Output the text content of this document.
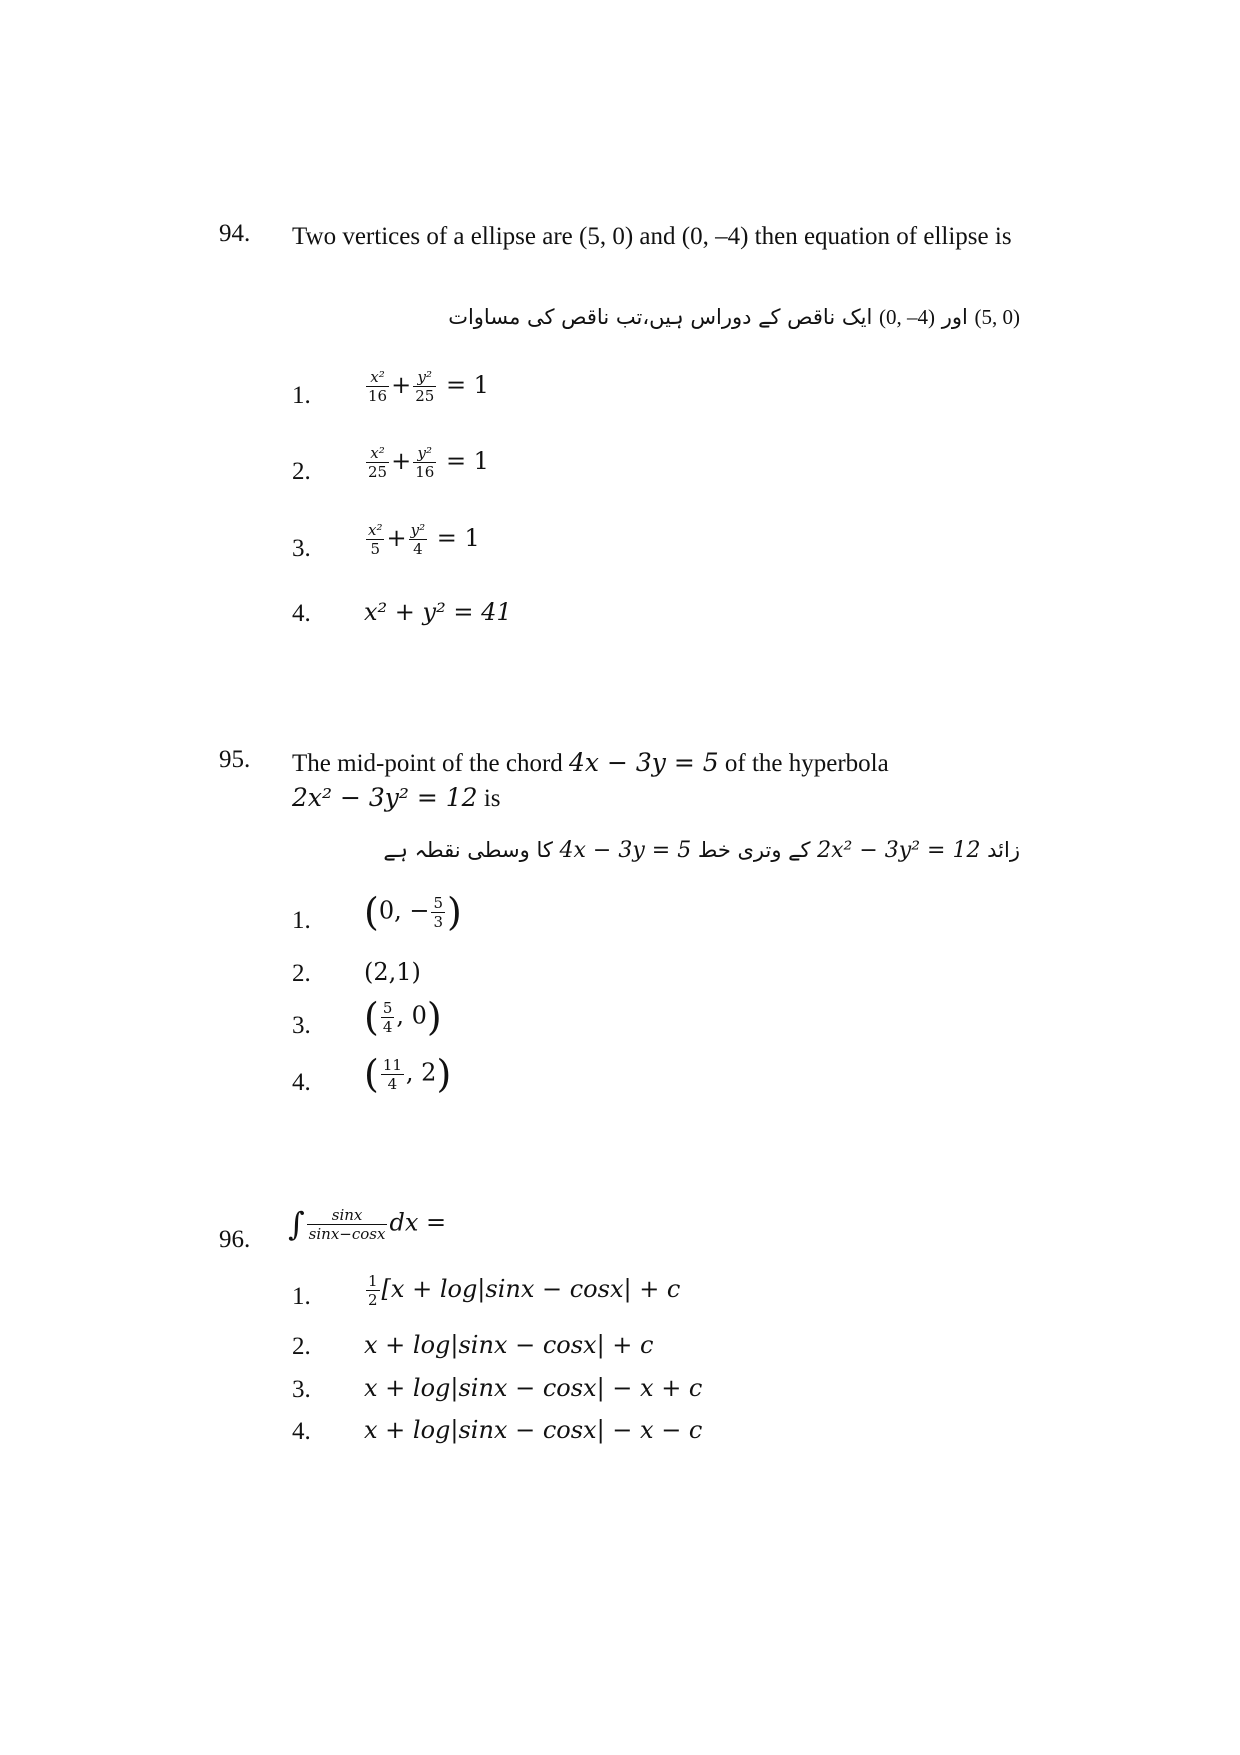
94. Two vertices of a ellipse are (5, 0) and (0, –4) then equation of ellipse is
(5, 0) اور (0, –4) ایک ناقص کے دوراس ہیں،تب ناقص کی مساوات
1.	$\frac{\text{x²}}{16} + \frac{\text{y²}}{25} = 1$
2.	$\frac{\text{x²}}{25} + \frac{\text{y²}}{16} = 1$
3.	$\frac{\text{x²}}{5} + \frac{\text{y²}}{4} = 1$
4. x² + y² = 41
95. The mid-point of the chord 4x − 3y = 5 of the hyperbola
2x² − 3y² = 12 is
زائد 2x² − 3y² = 12 کے وتری خط 4x − 3y = 5 کا وسطی نقطہ ہے
1. (0, − $\frac{5}{3}$ )
2. (2,1)
3. ( $\frac{5}{4}$ , 0)
4. ( $\frac{11}{4}$ , 2)
96. ∫ $\frac{\sin x}{\sin x-\cos x}$ dx =
1.	$\frac{1}{2} [x + \log|\sin x - \cos x| + c$
2. x + log|sinx − cosx| + c
3. x + log|sinx − cosx| − x + c
4. x + log|sinx − cosx| − x − c
